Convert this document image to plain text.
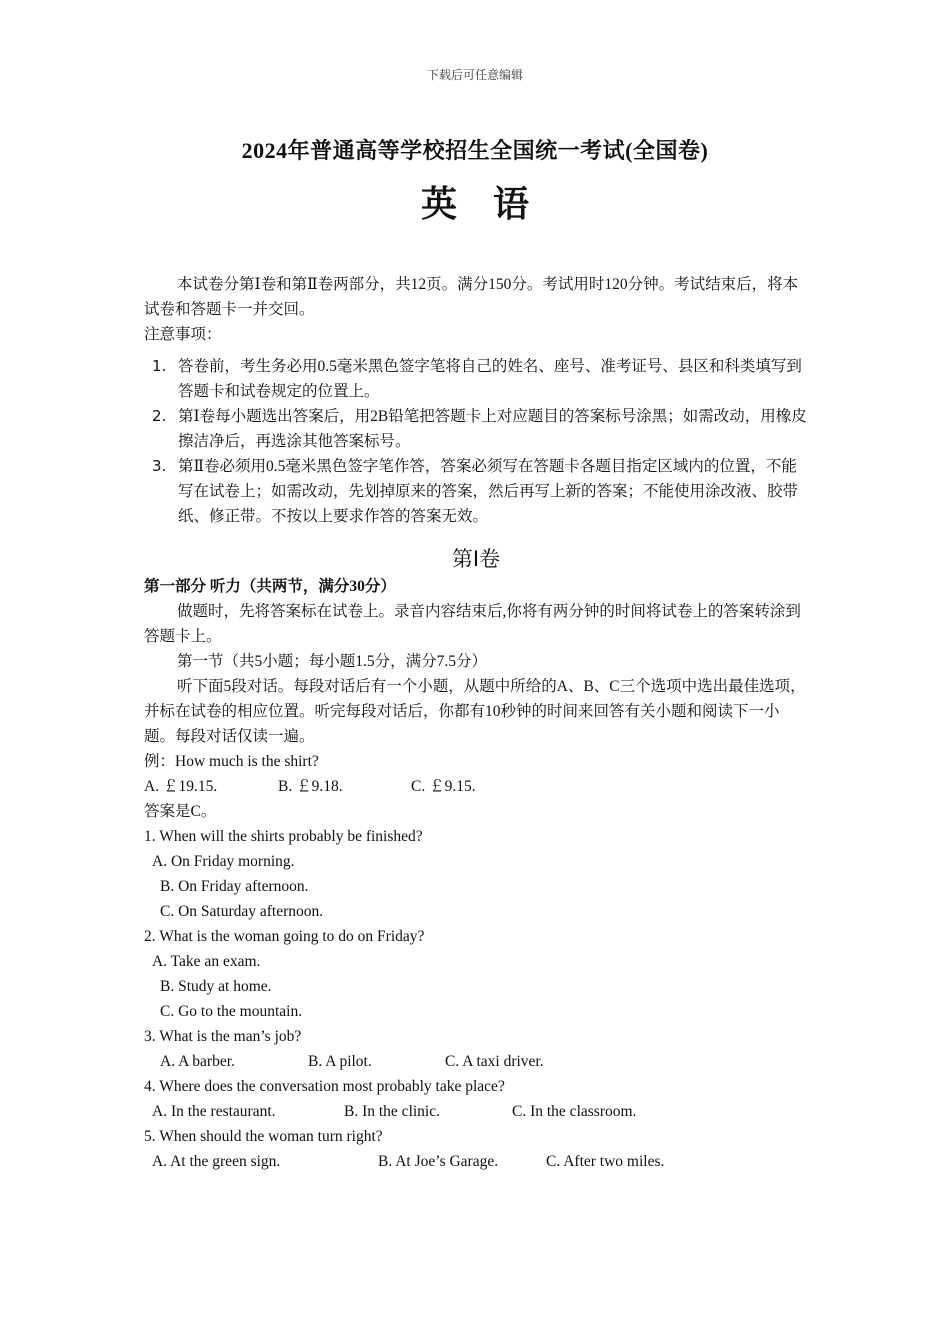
下载后可任意编辑
2024年普通高等学校招生全国统一考试(全国卷)
英　语

本试卷分第Ⅰ卷和第Ⅱ卷两部分，共12页。满分150分。考试用时120分钟。考试结束后，将本试卷和答题卡一并交回。

注意事项：

1. 答卷前，考生务必用0.5毫米黑色签字笔将自己的姓名、座号、准考证号、县区和科类填写到答题卡和试卷规定的位置上。
2. 第Ⅰ卷每小题选出答案后，用2B铅笔把答题卡上对应题目的答案标号涂黑；如需改动，用橡皮擦洁净后，再选涂其他答案标号。
3. 第Ⅱ卷必须用0.5毫米黑色签字笔作答，答案必须写在答题卡各题目指定区域内的位置，不能写在试卷上；如需改动，先划掉原来的答案，然后再写上新的答案；不能使用涂改液、胶带纸、修正带。不按以上要求作答的答案无效。
第Ⅰ卷

第一部分 听力（共两节，满分30分）

做题时，先将答案标在试卷上。录音内容结束后,你将有两分钟的时间将试卷上的答案转涂到答题卡上。

第一节（共5小题；每小题1.5分，满分7.5分）

听下面5段对话。每段对话后有一个小题，从题中所给的A、B、C三个选项中选出最佳选项，并标在试卷的相应位置。听完每段对话后，你都有10秒钟的时间来回答有关小题和阅读下一小题。每段对话仅读一遍。

例：How much is the shirt?

A. ￡19.15.	B. ￡9.18.	C. ￡9.15.

答案是C。

1. When will the shirts probably be finished?

A. On Friday morning.

B. On Friday afternoon.

C. On Saturday afternoon.

2. What is the woman going to do on Friday?

A. Take an exam.

B. Study at home.

C. Go to the mountain.

3. What is the man’s job?

A. A barber.	B. A pilot.	C. A taxi driver.

4. Where does the conversation most probably take place?

A. In the restaurant.	B. In the clinic.	C. In the classroom.

5. When should the woman turn right?

A. At the green sign.	B. At Joe’s Garage.	C. After two miles.
